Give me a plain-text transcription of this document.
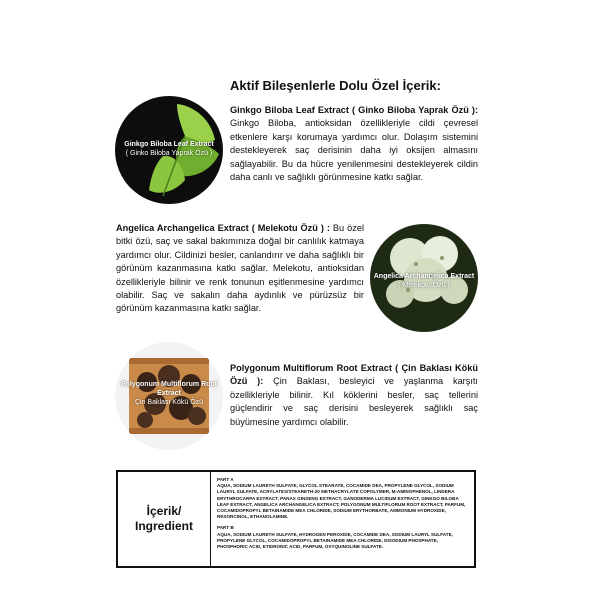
Aktif Bileşenlerle Dolu Özel İçerik:
Ginkgo Biloba Leaf Extract
( Ginko Biloba Yaprak Özü )
Ginkgo Biloba Leaf Extract ( Ginko Biloba Yaprak Özü ): Ginkgo Biloba, antioksidan özellikleriyle cildi çevresel etkenlere karşı korumaya yardımcı olur. Dolaşım sistemini destekleyerek saç derisinin daha iyi oksijen almasını sağlayabilir. Bu da hücre yenilenmesini destekleyerek cildin daha canlı ve sağlıklı görünmesine katkı sağlar.
Angelica Archangelica Extract ( Melekotu Özü ) : Bu özel bitki özü, saç ve sakal bakımınıza doğal bir canlılık katmaya yardımcı olur. Cildinizi besler, canlandırır ve daha sağlıklı bir görünüm kazanmasına katkı sağlar. Melekotu, antioksidan özellikleriyle bilinir ve renk tonunun eşitlenmesine yardımcı olabilir. Saç ve sakalın daha aydınlık ve pürüzsüz bir görünüm kazanmasına katkı sağlar.
Angelica Archangelica Extract
( Melekotu Özü )
Polygonum Multiflorum Root Extract
Çin Baklası Kökü Özü
Polygonum Multiflorum Root Extract ( Çin Baklası Kökü Özü ): Çin Baklası, besleyici ve yaşlanma karşıtı özellikleriyle bilinir. Kıl köklerini besler, saç tellerini güçlendirir ve saç derisini besleyerek sağlıklı saç büyümesine yardımcı olabilir.
İçerik/
Ingredient
PART A
AQUA, SODIUM LAURETH SULFATE, GLYCOL STEARATE, COCAMIDE DEA, PROPYLENE GLYCOL, SODIUM LAURYL SULFATE, ACRYLATES/STEARETH-20 METHACRYLATE COPOLYMER, M-AMINOPHENOL, LINDERA ERYTHROCARPA EXTRACT, PANAX GINSENG EXTRACT, GANODERMA LUCIDUM EXTRACT, GINKGO BILOBA LEAF EXTRACT, ANGELICA ARCHANGELICA EXTRACT, POLYGONUM MULTIFLORUM ROOT EXTRACT, PARFUM, COCAMIDOPROPYL BETAINAMIDE MEA CHLORIDE, SODIUM ERYTHORBATE, AMMONIUM HYDROXIDE, RESORCINOL, ETHANOLAMINE.
PART B
AQUA, SODIUM LAURETH SULFATE, HYDROGEN PEROXIDE, COCAMIDE DEA, SODIUM LAURYL SULFATE, PROPYLENE GLYCOL, COCAMIDOPROPYL BETAINAMIDE MEA CHLORIDE, DISODIUM PHOSPHATE, PHOSPHORIC ACID, ETIDRONIC ACID, PARFUM, OXYQUINOLINE SULFATE.
